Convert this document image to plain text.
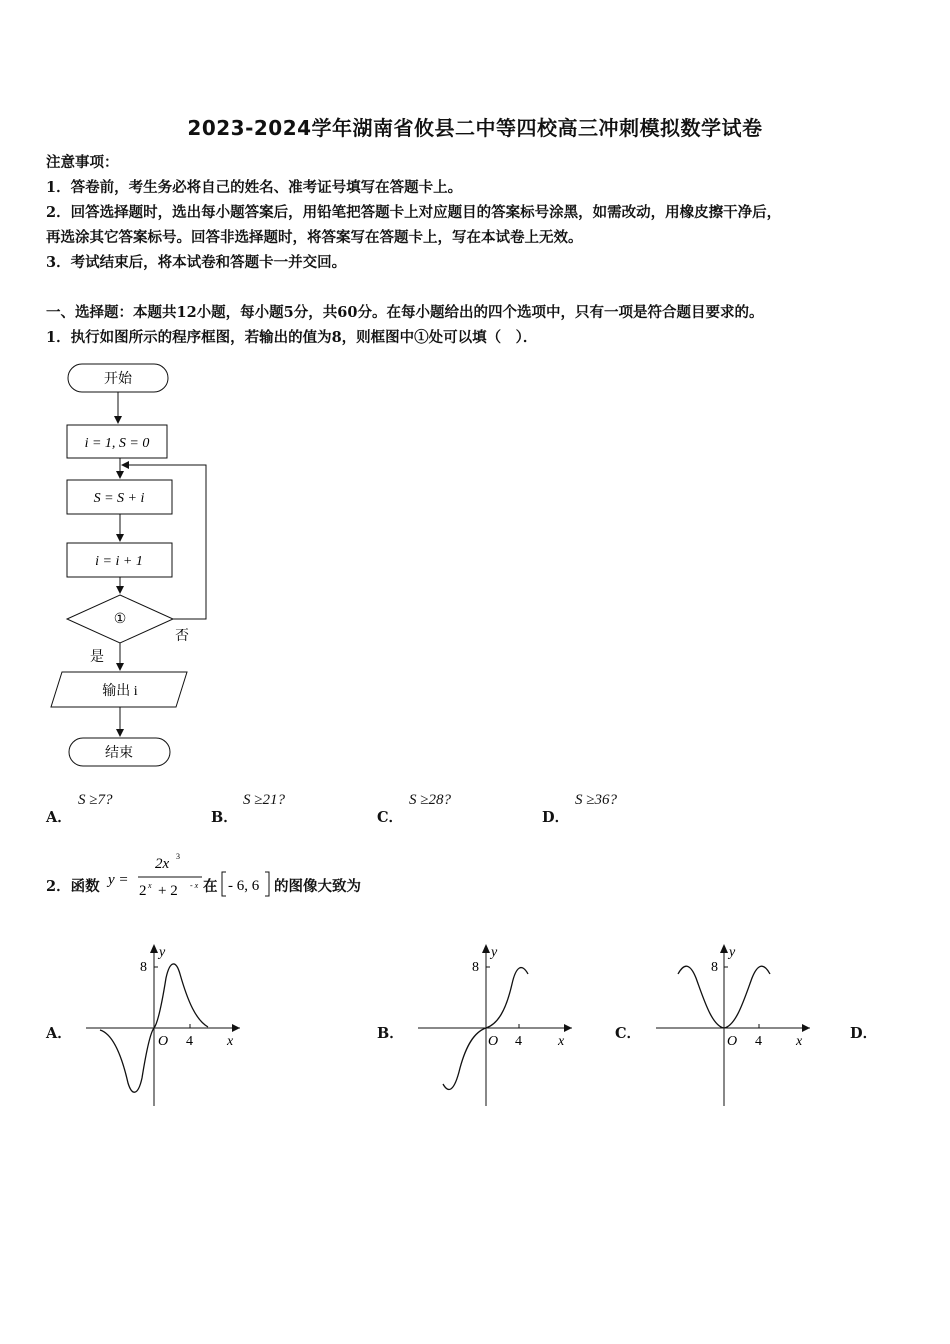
2023-2024学年湖南省攸县二中等四校高三冲刺模拟数学试卷
注意事项：
1．答卷前，考生务必将自己的姓名、准考证号填写在答题卡上。
2．回答选择题时，选出每小题答案后，用铅笔把答题卡上对应题目的答案标号涂黑，如需改动，用橡皮擦干净后，
再选涂其它答案标号。回答非选择题时，将答案写在答题卡上，写在本试卷上无效。
3．考试结束后，将本试卷和答题卡一并交回。
一、选择题：本题共12小题，每小题5分，共60分。在每小题给出的四个选项中，只有一项是符合题目要求的。
1．执行如图所示的程序框图，若输出的值为8，则框图中①处可以填（　）．
开始
i = 1, S = 0
S = S + i
i = i + 1
①
否
是
输出 i
结束
A．
S ≥7?
B．
S ≥21?
C．
S ≥28?
D．
S ≥36?
2．函数 y =
2x 3
2 x + 2 - x 在 - 6, 6 的图像大致为
A．	B．	C．	D．
y
8
O 4 x
y
8
O 4	x
y
8
O 4 x
